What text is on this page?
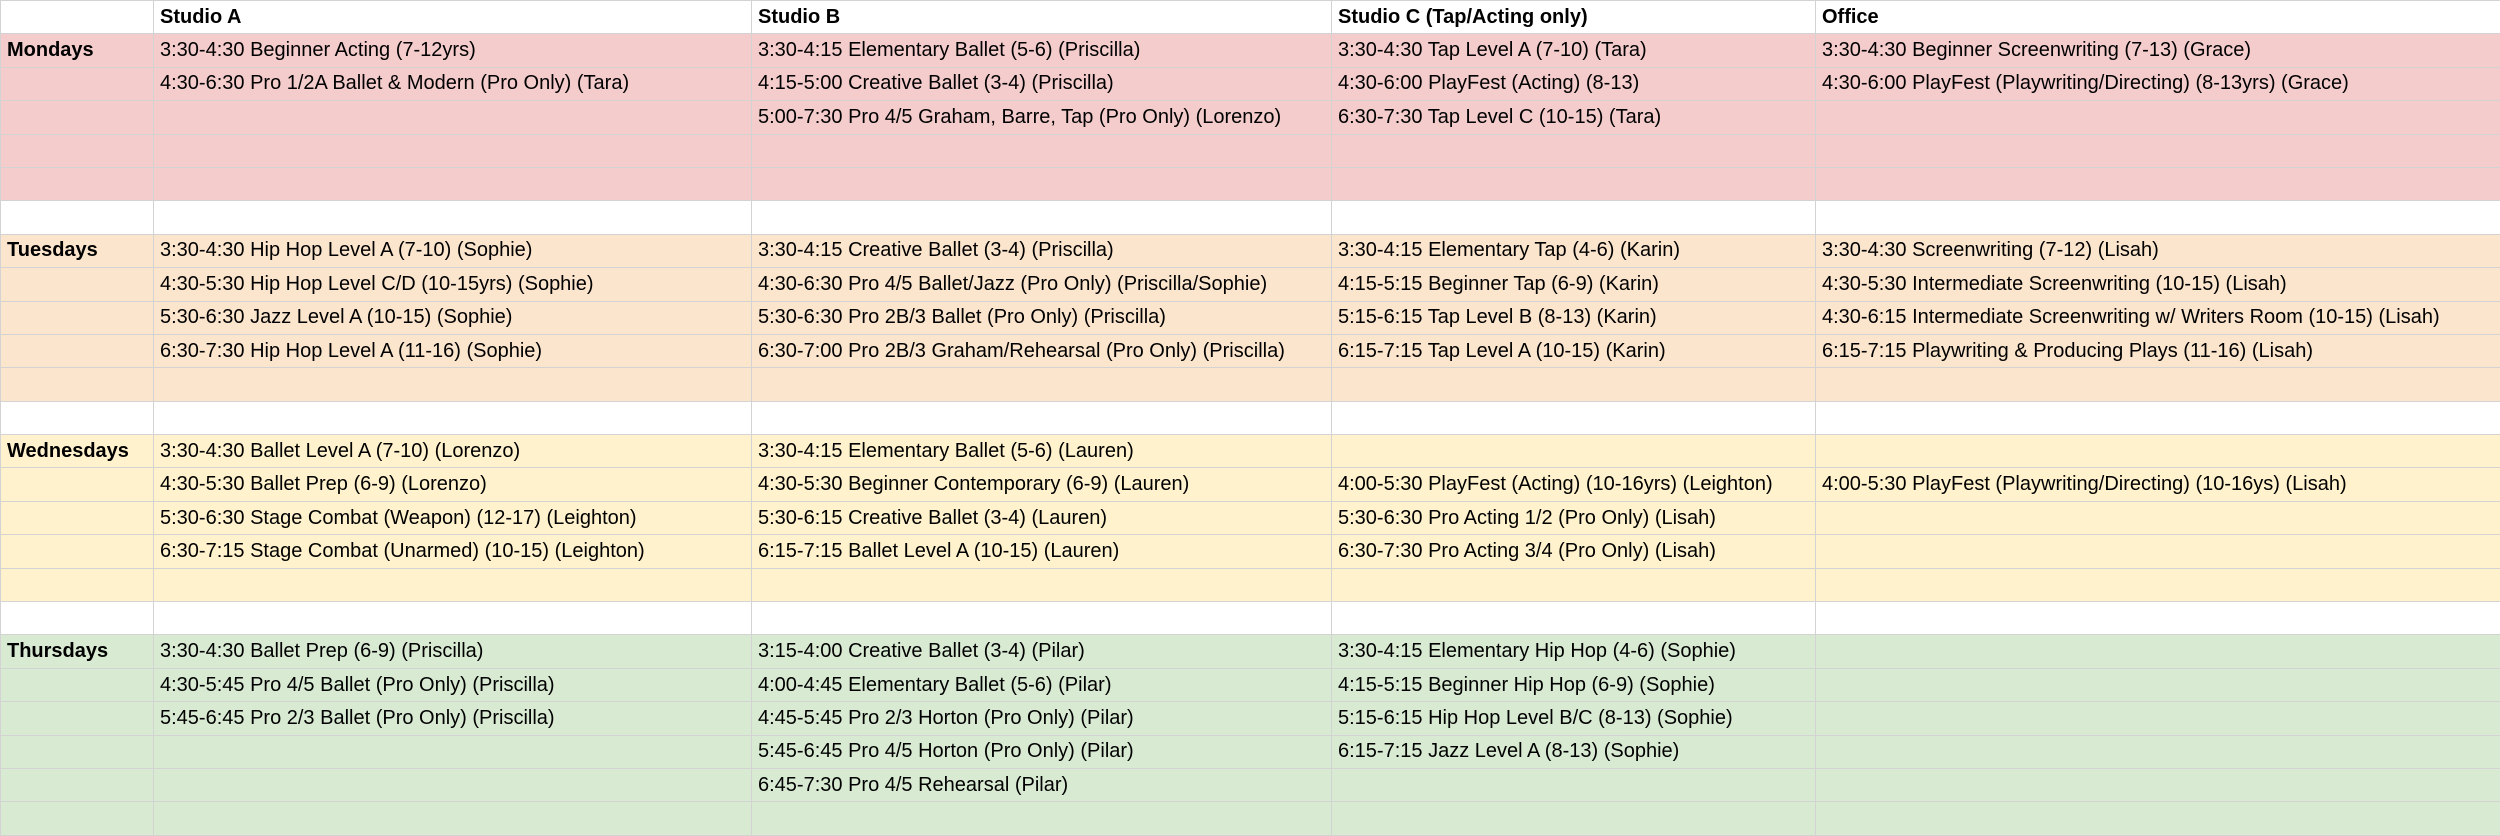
	Studio A	Studio B	Studio C (Tap/Acting only)	Office
Mondays	3:30-4:30 Beginner Acting (7-12yrs)	3:30-4:15 Elementary Ballet (5-6) (Priscilla)	3:30-4:30 Tap Level A (7-10) (Tara)	3:30-4:30 Beginner Screenwriting (7-13) (Grace)
	4:30-6:30 Pro 1/2A Ballet & Modern (Pro Only) (Tara)	4:15-5:00 Creative Ballet (3-4) (Priscilla)	4:30-6:00 PlayFest (Acting) (8-13)	4:30-6:00 PlayFest (Playwriting/Directing) (8-13yrs) (Grace)
		5:00-7:30 Pro 4/5 Graham, Barre, Tap (Pro Only) (Lorenzo)	6:30-7:30 Tap Level C (10-15) (Tara)	

Tuesdays	3:30-4:30 Hip Hop Level A (7-10) (Sophie)	3:30-4:15 Creative Ballet (3-4) (Priscilla)	3:30-4:15 Elementary Tap (4-6) (Karin)	3:30-4:30 Screenwriting (7-12) (Lisah)
	4:30-5:30 Hip Hop Level C/D (10-15yrs) (Sophie)	4:30-6:30 Pro 4/5 Ballet/Jazz (Pro Only) (Priscilla/Sophie)	4:15-5:15 Beginner Tap (6-9) (Karin)	4:30-5:30 Intermediate Screenwriting (10-15) (Lisah)
	5:30-6:30 Jazz Level A (10-15) (Sophie)	5:30-6:30 Pro 2B/3 Ballet (Pro Only) (Priscilla)	5:15-6:15 Tap Level B (8-13) (Karin)	4:30-6:15 Intermediate Screenwriting w/ Writers Room (10-15) (Lisah)
	6:30-7:30 Hip Hop Level A (11-16) (Sophie)	6:30-7:00 Pro 2B/3 Graham/Rehearsal (Pro Only) (Priscilla)	6:15-7:15 Tap Level A (10-15) (Karin)	6:15-7:15 Playwriting & Producing Plays (11-16) (Lisah)

Wednesdays	3:30-4:30 Ballet Level A (7-10) (Lorenzo)	3:30-4:15 Elementary Ballet (5-6) (Lauren)		
	4:30-5:30 Ballet Prep (6-9) (Lorenzo)	4:30-5:30 Beginner Contemporary (6-9) (Lauren)	4:00-5:30 PlayFest (Acting) (10-16yrs) (Leighton)	4:00-5:30 PlayFest (Playwriting/Directing) (10-16ys) (Lisah)
	5:30-6:30 Stage Combat (Weapon) (12-17) (Leighton)	5:30-6:15 Creative Ballet (3-4) (Lauren)	5:30-6:30 Pro Acting 1/2 (Pro Only) (Lisah)	
	6:30-7:15 Stage Combat (Unarmed) (10-15) (Leighton)	6:15-7:15 Ballet Level A (10-15) (Lauren)	6:30-7:30 Pro Acting 3/4 (Pro Only) (Lisah)	

Thursdays	3:30-4:30 Ballet Prep (6-9) (Priscilla)	3:15-4:00 Creative Ballet (3-4) (Pilar)	3:30-4:15 Elementary Hip Hop (4-6) (Sophie)	
	4:30-5:45 Pro 4/5 Ballet (Pro Only) (Priscilla)	4:00-4:45 Elementary Ballet (5-6) (Pilar)	4:15-5:15 Beginner Hip Hop (6-9) (Sophie)	
	5:45-6:45 Pro 2/3 Ballet (Pro Only) (Priscilla)	4:45-5:45 Pro 2/3 Horton (Pro Only) (Pilar)	5:15-6:15 Hip Hop Level B/C (8-13) (Sophie)	
		5:45-6:45 Pro 4/5 Horton (Pro Only) (Pilar)	6:15-7:15 Jazz Level A (8-13) (Sophie)	
		6:45-7:30 Pro 4/5 Rehearsal (Pilar)		
